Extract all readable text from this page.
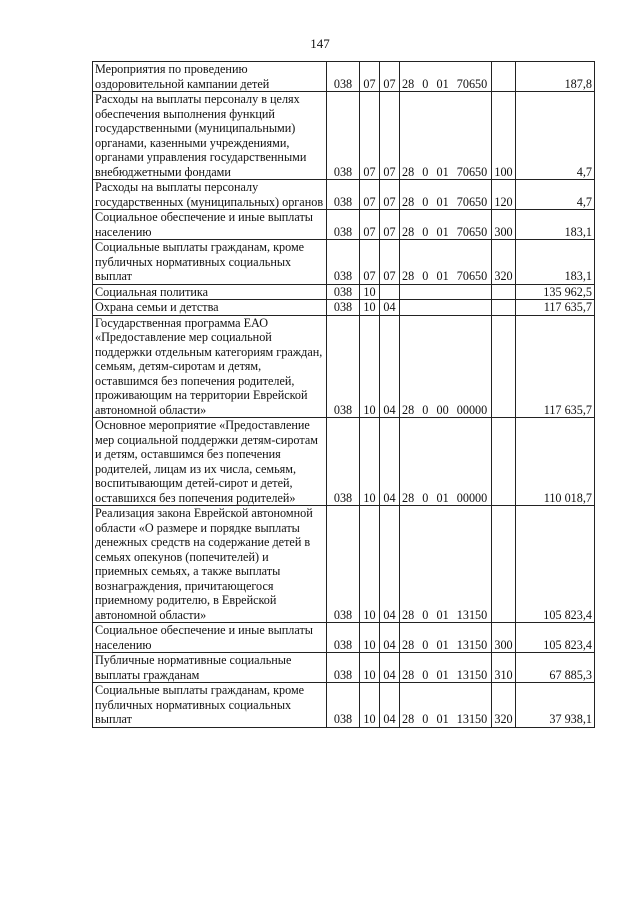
147
Мероприятия по проведению оздоровительной кампании детей	038	07	07	28  0  01  70650		187,8
Расходы на выплаты персоналу в целях обеспечения выполнения функций государственными (муниципальными) органами, казенными учреждениями, органами управления государственными внебюджетными фондами	038	07	07	28  0  01  70650	100	4,7
Расходы на выплаты персоналу государственных (муниципальных) органов	038	07	07	28  0  01  70650	120	4,7
Социальное обеспечение и иные выплаты населению	038	07	07	28  0  01  70650	300	183,1
Социальные выплаты гражданам, кроме публичных нормативных социальных выплат	038	07	07	28  0  01  70650	320	183,1
Социальная политика	038	10				135 962,5
Охрана семьи и детства	038	10	04			117 635,7
Государственная программа ЕАО «Предоставление мер социальной поддержки отдельным категориям граждан, семьям, детям-сиротам и детям, оставшимся без попечения родителей, проживающим на территории Еврейской автономной области»	038	10	04	28  0  00  00000		117 635,7
Основное мероприятие «Предоставление мер социальной поддержки детям-сиротам и детям, оставшимся без попечения родителей, лицам из их числа, семьям, воспитывающим детей-сирот и детей, оставшихся без попечения родителей»	038	10	04	28  0  01  00000		110 018,7
Реализация закона Еврейской автономной области «О размере и порядке выплаты денежных средств на содержание детей в семьях опекунов (попечителей) и приемных семьях, а также выплаты вознаграждения, причитающегося приемному родителю, в Еврейской автономной области»	038	10	04	28  0  01  13150		105 823,4
Социальное обеспечение и иные выплаты населению	038	10	04	28  0  01  13150	300	105 823,4
Публичные нормативные социальные выплаты гражданам	038	10	04	28  0  01  13150	310	67 885,3
Социальные выплаты гражданам, кроме публичных нормативных социальных выплат	038	10	04	28  0  01  13150	320	37 938,1
